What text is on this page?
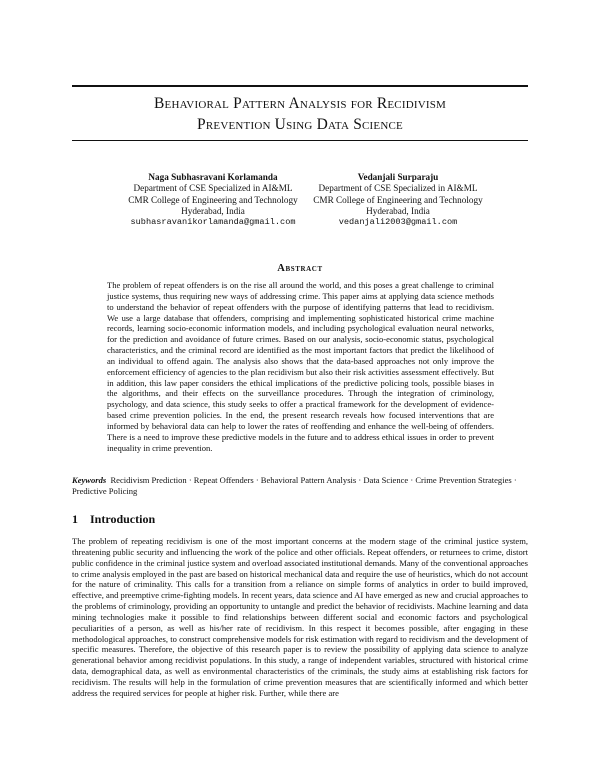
Behavioral Pattern Analysis for Recidivism
Prevention Using Data Science
Naga Subhasravani Korlamanda
Department of CSE Specialized in AI&ML
CMR College of Engineering and Technology
Hyderabad, India
subhasravanikorlamanda@gmail.com
Vedanjali Surparaju
Department of CSE Specialized in AI&ML
CMR College of Engineering and Technology
Hyderabad, India
vedanjali2003@gmail.com
Abstract

The problem of repeat offenders is on the rise all around the world, and this poses a great challenge to criminal justice systems, thus requiring new ways of addressing crime. This paper aims at applying data science methods to understand the behavior of repeat offenders with the purpose of identifying patterns that lead to recidivism. We use a large database that offenders, comprising and implementing sophisticated historical crime machine records, learning socio-economic information models, and including psychological evaluation neural networks, for the prediction and avoidance of future crimes. Based on our analysis, socio-economic status, psychological characteristics, and the criminal record are identified as the most important factors that predict the likelihood of an individual to offend again. The analysis also shows that the data-based approaches not only improve the enforcement efficiency of agencies to the plan recidivism but also their risk activities assessment effectively. But in addition, this law paper considers the ethical implications of the predictive policing tools, possible biases in the algorithms, and their effects on the surveillance procedures. Through the integration of criminology, psychology, and data science, this study seeks to offer a practical framework for the development of evidence-based crime prevention policies. In the end, the present research reveals how focused interventions that are informed by behavioral data can help to lower the rates of reoffending and enhance the well-being of offenders. There is a need to improve these predictive models in the future and to address ethical issues in order to prevent inequality in crime prevention.

Keywords Recidivism Prediction · Repeat Offenders · Behavioral Pattern Analysis · Data Science · Crime Prevention Strategies · Predictive Policing

1 Introduction

The problem of repeating recidivism is one of the most important concerns at the modern stage of the criminal justice system, threatening public security and influencing the work of the police and other officials. Repeat offenders, or returnees to crime, distort public confidence in the criminal justice system and overload associated institutional demands. Many of the conventional approaches to crime analysis employed in the past are based on historical mechanical data and require the use of heuristics, which do not account for the nature of criminality. This calls for a transition from a reliance on simple forms of analytics in order to build improved, effective, and preemptive crime-fighting models. In recent years, data science and AI have emerged as new and crucial approaches to the problems of criminology, providing an opportunity to untangle and predict the behavior of recidivists. Machine learning and data mining technologies make it possible to find relationships between different social and economic factors and psychological peculiarities of a person, as well as his/her rate of recidivism. In this respect it becomes possible, after engaging in these methodological approaches, to construct comprehensive models for risk estimation with regard to recidivism and the development of specific measures. Therefore, the objective of this research paper is to review the possibility of applying data science to analyze generational behavior among recidivist populations. In this study, a range of independent variables, structured with historical crime data, demographical data, as well as environmental characteristics of the criminals, the study aims at establishing risk factors for recidivism. The results will help in the formulation of crime prevention measures that are scientifically informed and which better address the required services for people at higher risk. Further, while there are
